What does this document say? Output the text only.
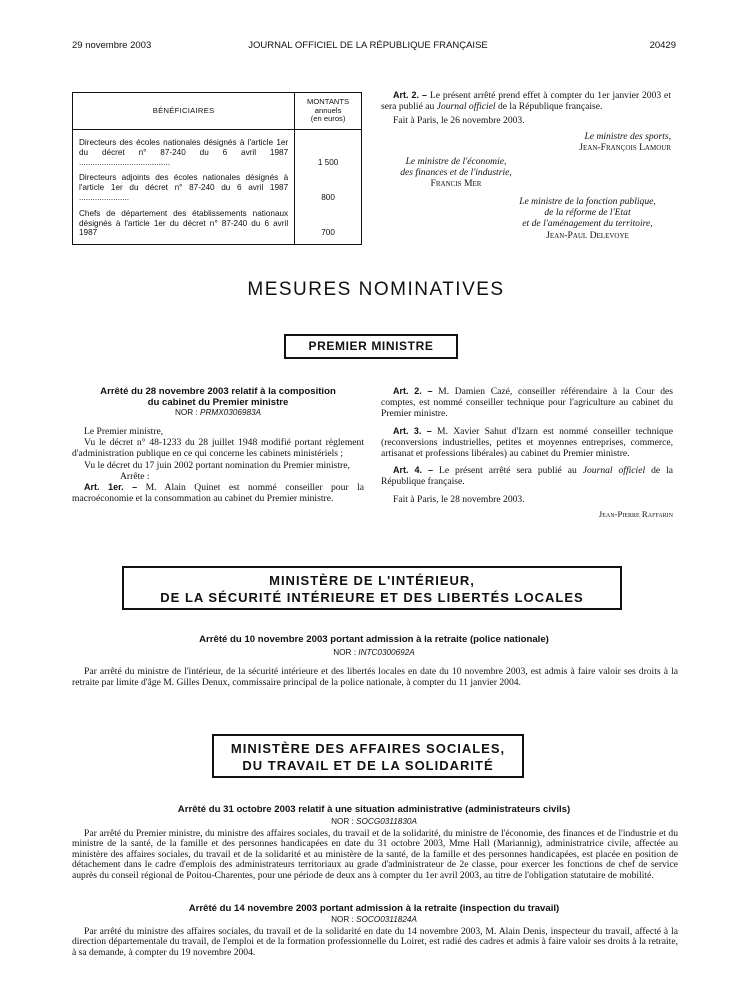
29 novembre 2003	JOURNAL OFFICIEL DE LA RÉPUBLIQUE FRANÇAISE	20429
BÉNÉFICIAIRES	MONTANTS
annuels
(en euros)

Directeurs des écoles nationales désignés à l'article 1er du décret n° 87-240 du 6 avril 1987 ........................................	1 500
Directeurs adjoints des écoles nationales désignés à l'article 1er du décret n° 87-240 du 6 avril 1987 ......................	800
Chefs de département des établissements nationaux désignés à l'article 1er du décret n° 87-240 du 6 avril 1987	700

Art. 2. – Le présent arrêté prend effet à compter du 1er janvier 2003 et sera publié au Journal officiel de la République française.

Fait à Paris, le 26 novembre 2003.

Le ministre des sports,

Jean-François Lamour

Le ministre de l'économie,

des finances et de l'industrie,

Francis Mer

Le ministre de la fonction publique,

de la réforme de l'Etat

et de l'aménagement du territoire,

Jean-Paul Delevoye

MESURES NOMINATIVES
PREMIER MINISTRE
Arrêté du 28 novembre 2003 relatif à la composition
du cabinet du Premier ministre
NOR : PRMX0306983A

Le Premier ministre,

Vu le décret n° 48-1233 du 28 juillet 1948 modifié portant règlement d'administration publique en ce qui concerne les cabinets ministériels ;

Vu le décret du 17 juin 2002 portant nomination du Premier ministre,

Arrête :

Art. 1er. – M. Alain Quinet est nommé conseiller pour la macroéconomie et la consommation au cabinet du Premier ministre.

Art. 2. – M. Damien Cazé, conseiller référendaire à la Cour des comptes, est nommé conseiller technique pour l'agriculture au cabinet du Premier ministre.

Art. 3. – M. Xavier Sahut d'Izarn est nommé conseiller technique (reconversions industrielles, petites et moyennes entreprises, commerce, artisanat et professions libérales) au cabinet du Premier ministre.

Art. 4. – Le présent arrêté sera publié au Journal officiel de la République française.

Fait à Paris, le 28 novembre 2003.

Jean-Pierre Raffarin

MINISTÈRE DE L'INTÉRIEUR,
DE LA SÉCURITÉ INTÉRIEURE ET DES LIBERTÉS LOCALES
Arrêté du 10 novembre 2003 portant admission à la retraite (police nationale)
NOR : INTC0300692A

Par arrêté du ministre de l'intérieur, de la sécurité intérieure et des libertés locales en date du 10 novembre 2003, est admis à faire valoir ses droits à la retraite par limite d'âge M. Gilles Denux, commissaire principal de la police nationale, à compter du 11 janvier 2004.

MINISTÈRE DES AFFAIRES SOCIALES,
DU TRAVAIL ET DE LA SOLIDARITÉ
Arrêté du 31 octobre 2003 relatif à une situation administrative (administrateurs civils)
NOR : SOCG0311830A

Par arrêté du Premier ministre, du ministre des affaires sociales, du travail et de la solidarité, du ministre de l'économie, des finances et de l'industrie et du ministre de la santé, de la famille et des personnes handicapées en date du 31 octobre 2003, Mme Hall (Mariannig), administratrice civile, affectée au ministère des affaires sociales, du travail et de la solidarité et au ministère de la santé, de la famille et des personnes handicapées, est placée en position de détachement dans le cadre d'emplois des administrateurs territoriaux au grade d'administrateur de 2e classe, pour exercer les fonctions de chef de service auprès du conseil régional de Poitou-Charentes, pour une période de deux ans à compter du 1er avril 2003, au titre de l'obligation statutaire de mobilité.

Arrêté du 14 novembre 2003 portant admission à la retraite (inspection du travail)
NOR : SOCO0311824A

Par arrêté du ministre des affaires sociales, du travail et de la solidarité en date du 14 novembre 2003, M. Alain Denis, inspecteur du travail, affecté à la direction départementale du travail, de l'emploi et de la formation professionnelle du Loiret, est radié des cadres et admis à faire valoir ses droits à la retraite, à sa demande, à compter du 19 novembre 2004.
